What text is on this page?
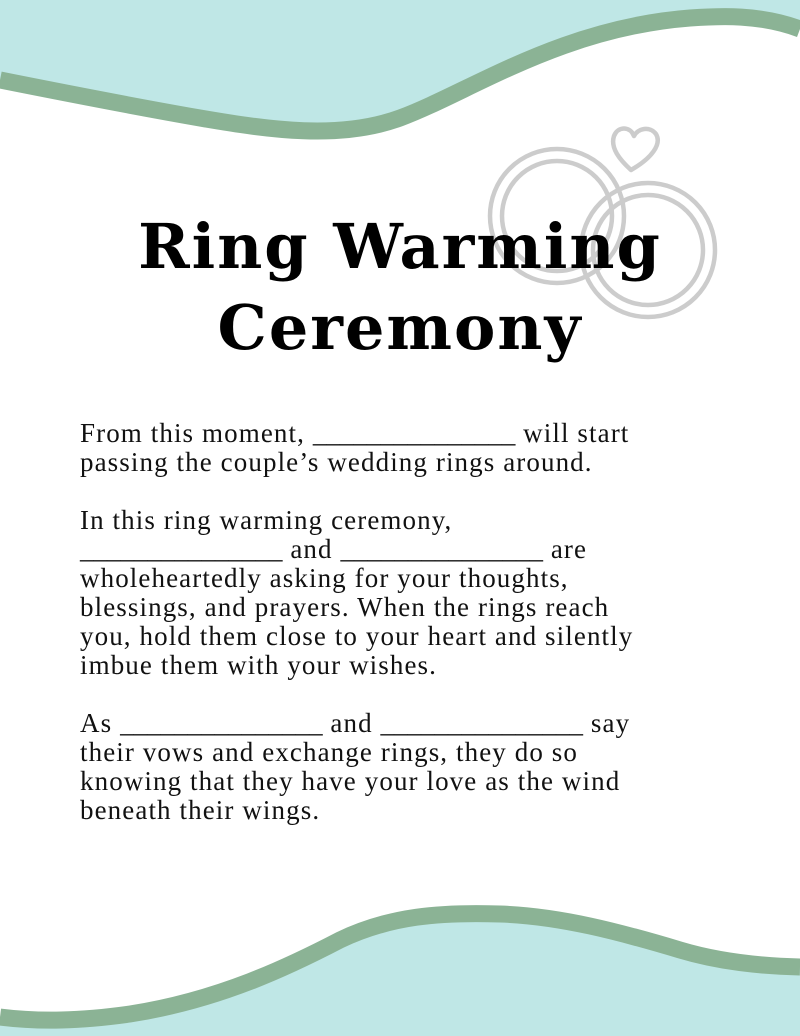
Ring Warming
Ceremony

From this moment, _______________ will start
passing the couple’s wedding rings around.

In this ring warming ceremony,
_______________ and _______________ are
wholeheartedly asking for your thoughts,
blessings, and prayers. When the rings reach
you, hold them close to your heart and silently
imbue them with your wishes.

As _______________ and _______________ say
their vows and exchange rings, they do so
knowing that they have your love as the wind
beneath their wings.
